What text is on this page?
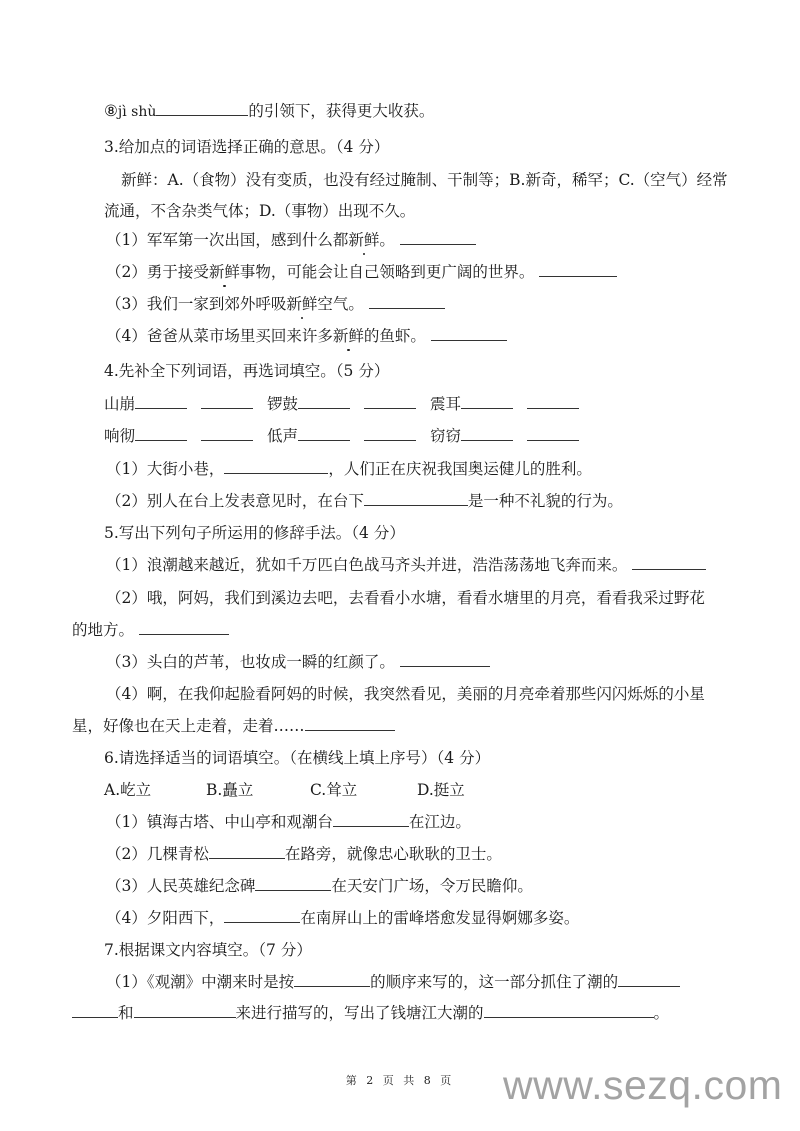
⑧jì shù	的引领下，获得更大收获。
3.给加点的词语选择正确的意思。（4 分）
新鲜：A.（食物）没有变质，也没有经过腌制、干制等；B.新奇，稀罕；C.（空气）经常
流通，不含杂类气体；D.（事物）出现不久。
（1）军军第一次出国，感到什么都新鲜。
（2）勇于接受新鲜事物，可能会让自己领略到更广阔的世界。
（3）我们一家到郊外呼吸新鲜空气。
（4）爸爸从菜市场里买回来许多新鲜的鱼虾。
4.先补全下列词语，再选词填空。（5 分）
山崩	锣鼓	震耳
响彻	低声	窃窃
（1）大街小巷，	，人们正在庆祝我国奥运健儿的胜利。
（2）别人在台上发表意见时，在台下	是一种不礼貌的行为。
5.写出下列句子所运用的修辞手法。（4 分）
（1）浪潮越来越近，犹如千万匹白色战马齐头并进，浩浩荡荡地飞奔而来。
（2）哦，阿妈，我们到溪边去吧，去看看小水塘，看看水塘里的月亮，看看我采过野花
的地方。
（3）头白的芦苇，也妆成一瞬的红颜了。
（4）啊，在我仰起脸看阿妈的时候，我突然看见，美丽的月亮牵着那些闪闪烁烁的小星
星，好像也在天上走着，走着……
6.请选择适当的词语填空。（在横线上填上序号）（4 分）
A.屹立	B.矗立	C.耸立	D.挺立
（1）镇海古塔、中山亭和观潮台	在江边。
（2）几棵青松	在路旁，就像忠心耿耿的卫士。
（3）人民英雄纪念碑	在天安门广场，令万民瞻仰。
（4）夕阳西下，	在南屏山上的雷峰塔愈发显得婀娜多姿。
7.根据课文内容填空。（7 分）
（1）《观潮》中潮来时是按	的顺序来写的，这一部分抓住了潮的
和	来进行描写的，写出了钱塘江大潮的	。
第 2 页 共 8 页	www.sezq.com
